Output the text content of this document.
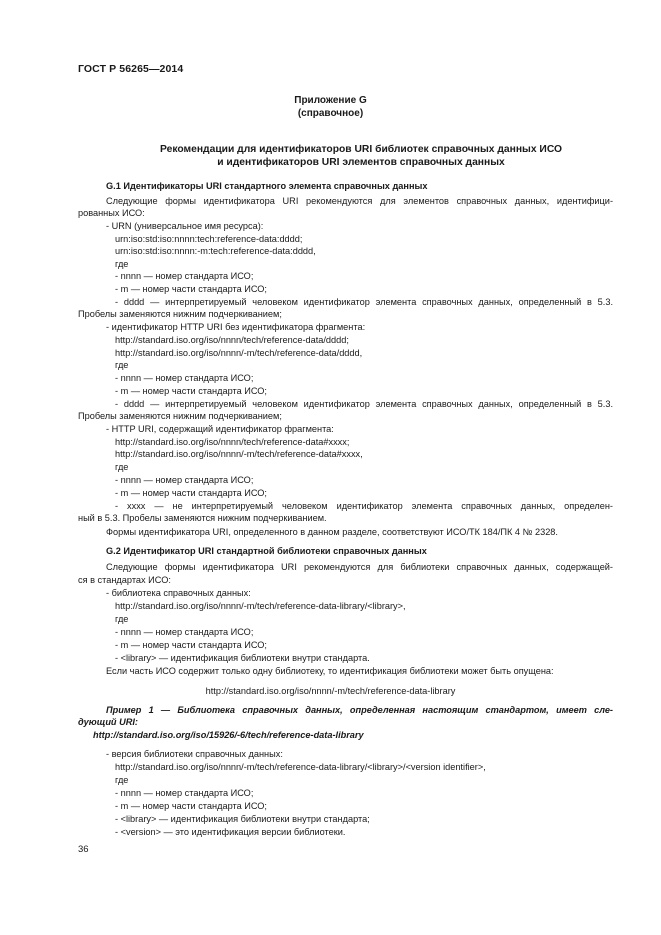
ГОСТ Р 56265—2014
Приложение G
(справочное)
Рекомендации для идентификаторов URI библиотек справочных данных ИСО
и идентификаторов URI элементов справочных данных
G.1 Идентификаторы URI стандартного элемента справочных данных
Следующие формы идентификатора URI рекомендуются для элементов справочных данных, идентифици-
рованных ИСО:
- URN (универсальное имя ресурса):
urn:iso:std:iso:nnnn:tech:reference-data:dddd;
urn:iso:std:iso:nnnn:-m:tech:reference-data:dddd,
где
- nnnn — номер стандарта ИСО;
- m — номер части стандарта ИСО;
- dddd — интерпретируемый человеком идентификатор элемента справочных данных, определенный в 5.3.
Пробелы заменяются нижним подчеркиванием;
- идентификатор HTTP URI без идентификатора фрагмента:
http://standard.iso.org/iso/nnnn/tech/reference-data/dddd;
http://standard.iso.org/iso/nnnn/-m/tech/reference-data/dddd,
где
- nnnn — номер стандарта ИСО;
- m — номер части стандарта ИСО;
- dddd — интерпретируемый человеком идентификатор элемента справочных данных, определенный в 5.3.
Пробелы заменяются нижним подчеркиванием;
- HTTP URI, содержащий идентификатор фрагмента:
http://standard.iso.org/iso/nnnn/tech/reference-data#xxxx;
http://standard.iso.org/iso/nnnn/-m/tech/reference-data#xxxx,
где
- nnnn — номер стандарта ИСО;
- m — номер части стандарта ИСО;
- xxxx — не интерпретируемый человеком идентификатор элемента справочных данных, определен-
ный в 5.3. Пробелы заменяются нижним подчеркиванием.
Формы идентификатора URI, определенного в данном разделе, соответствуют ИСО/ТК 184/ПК 4 № 2328.
G.2 Идентификатор URI стандартной библиотеки справочных данных
Следующие формы идентификатора URI рекомендуются для библиотеки справочных данных, содержащей-
ся в стандартах ИСО:
- библиотека справочных данных:
http://standard.iso.org/iso/nnnn/-m/tech/reference-data-library/<library>,
где
- nnnn — номер стандарта ИСО;
- m — номер части стандарта ИСО;
- <library> — идентификация библиотеки внутри стандарта.
Если часть ИСО содержит только одну библиотеку, то идентификация библиотеки может быть опущена:
http://standard.iso.org/iso/nnnn/-m/tech/reference-data-library
Пример 1 — Библиотека справочных данных, определенная настоящим стандартом, имеет сле-
дующий URI:
http://standard.iso.org/iso/15926/-6/tech/reference-data-library
- версия библиотеки справочных данных:
http://standard.iso.org/iso/nnnn/-m/tech/reference-data-library/<library>/<version identifier>,
где
- nnnn — номер стандарта ИСО;
- m — номер части стандарта ИСО;
- <library> — идентификация библиотеки внутри стандарта;
- <version> — это идентификация версии библиотеки.
36
